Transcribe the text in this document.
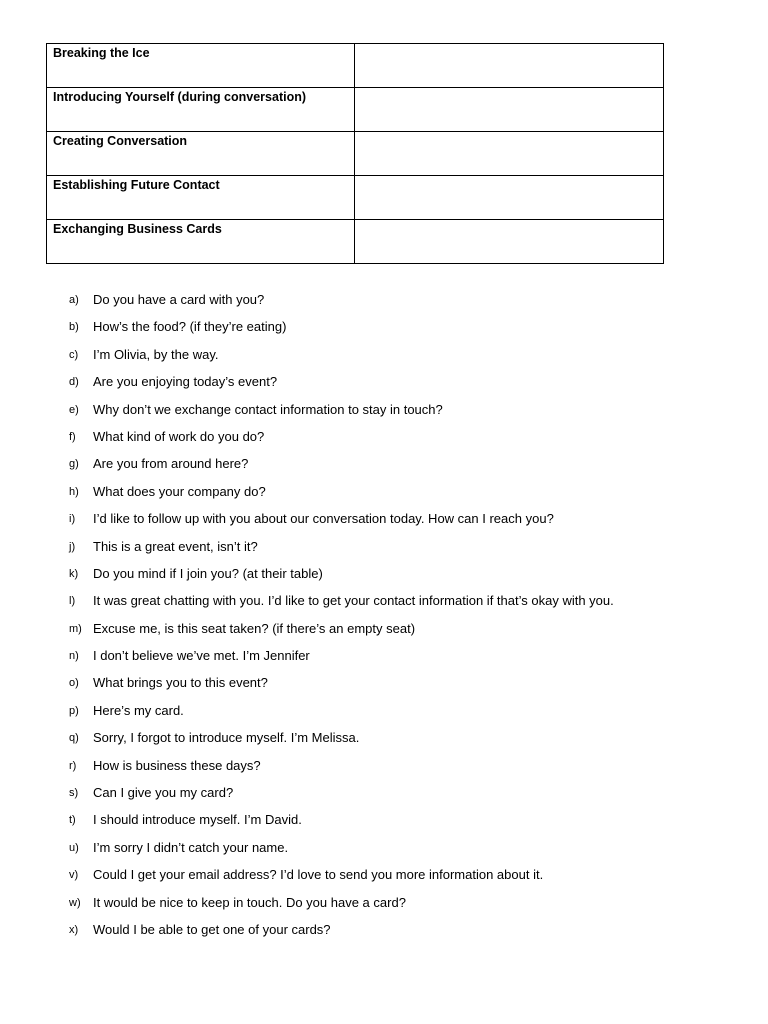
Breaking the Ice	
Introducing Yourself (during conversation)	
Creating Conversation	
Establishing Future Contact	
Exchanging Business Cards	
a) Do you have a card with you?
b) How’s the food? (if they’re eating)
c) I’m Olivia, by the way.
d) Are you enjoying today’s event?
e) Why don’t we exchange contact information to stay in touch?
f) What kind of work do you do?
g) Are you from around here?
h) What does your company do?
i) I’d like to follow up with you about our conversation today. How can I reach you?
j) This is a great event, isn’t it?
k) Do you mind if I join you? (at their table)
l) It was great chatting with you. I’d like to get your contact information if that’s okay with you.
m) Excuse me, is this seat taken? (if there’s an empty seat)
n) I don’t believe we’ve met. I’m Jennifer
o) What brings you to this event?
p) Here’s my card.
q) Sorry, I forgot to introduce myself. I’m Melissa.
r) How is business these days?
s) Can I give you my card?
t) I should introduce myself. I’m David.
u) I’m sorry I didn’t catch your name.
v) Could I get your email address? I’d love to send you more information about it.
w) It would be nice to keep in touch. Do you have a card?
x) Would I be able to get one of your cards?
